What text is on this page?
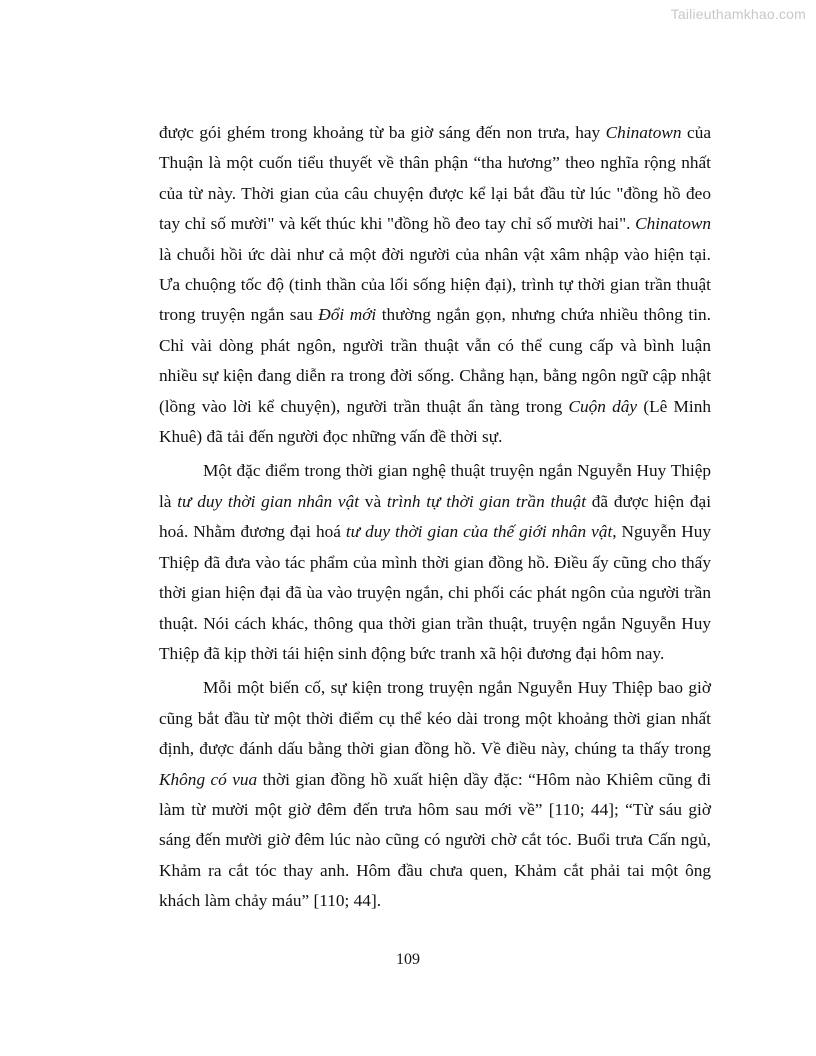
Tailieuthamkhao.com

được gói ghém trong khoảng từ ba giờ sáng đến non trưa, hay Chinatown của Thuận là một cuốn tiểu thuyết về thân phận “tha hương” theo nghĩa rộng nhất của từ này. Thời gian của câu chuyện được kể lại bắt đầu từ lúc "đồng hồ đeo tay chỉ số mười" và kết thúc khi "đồng hồ đeo tay chỉ số mười hai". Chinatown là chuỗi hồi ức dài như cả một đời người của nhân vật xâm nhập vào hiện tại. Ưa chuộng tốc độ (tinh thần của lối sống hiện đại), trình tự thời gian trần thuật trong truyện ngắn sau Đổi mới thường ngắn gọn, nhưng chứa nhiều thông tin. Chỉ vài dòng phát ngôn, người trần thuật vẫn có thể cung cấp và bình luận nhiều sự kiện đang diễn ra trong đời sống. Chẳng hạn, bằng ngôn ngữ cập nhật (lồng vào lời kể chuyện), người trần thuật ẩn tàng trong Cuộn dây (Lê Minh Khuê) đã tải đến người đọc những vấn đề thời sự.

Một đặc điểm trong thời gian nghệ thuật truyện ngắn Nguyễn Huy Thiệp là tư duy thời gian nhân vật và trình tự thời gian trần thuật đã được hiện đại hoá. Nhằm đương đại hoá tư duy thời gian của thế giới nhân vật, Nguyễn Huy Thiệp đã đưa vào tác phẩm của mình thời gian đồng hồ. Điều ấy cũng cho thấy thời gian hiện đại đã ùa vào truyện ngắn, chi phối các phát ngôn của người trần thuật. Nói cách khác, thông qua thời gian trần thuật, truyện ngắn Nguyễn Huy Thiệp đã kịp thời tái hiện sinh động bức tranh xã hội đương đại hôm nay.

Mỗi một biến cố, sự kiện trong truyện ngắn Nguyễn Huy Thiệp bao giờ cũng bắt đầu từ một thời điểm cụ thể kéo dài trong một khoảng thời gian nhất định, được đánh dấu bằng thời gian đồng hồ. Về điều này, chúng ta thấy trong Không có vua thời gian đồng hồ xuất hiện dầy đặc: “Hôm nào Khiêm cũng đi làm từ mười một giờ đêm đến trưa hôm sau mới về” [110; 44]; “Từ sáu giờ sáng đến mười giờ đêm lúc nào cũng có người chờ cắt tóc. Buổi trưa Cấn ngủ, Khảm ra cắt tóc thay anh. Hôm đầu chưa quen, Khảm cắt phải tai một ông khách làm chảy máu” [110; 44].

109
